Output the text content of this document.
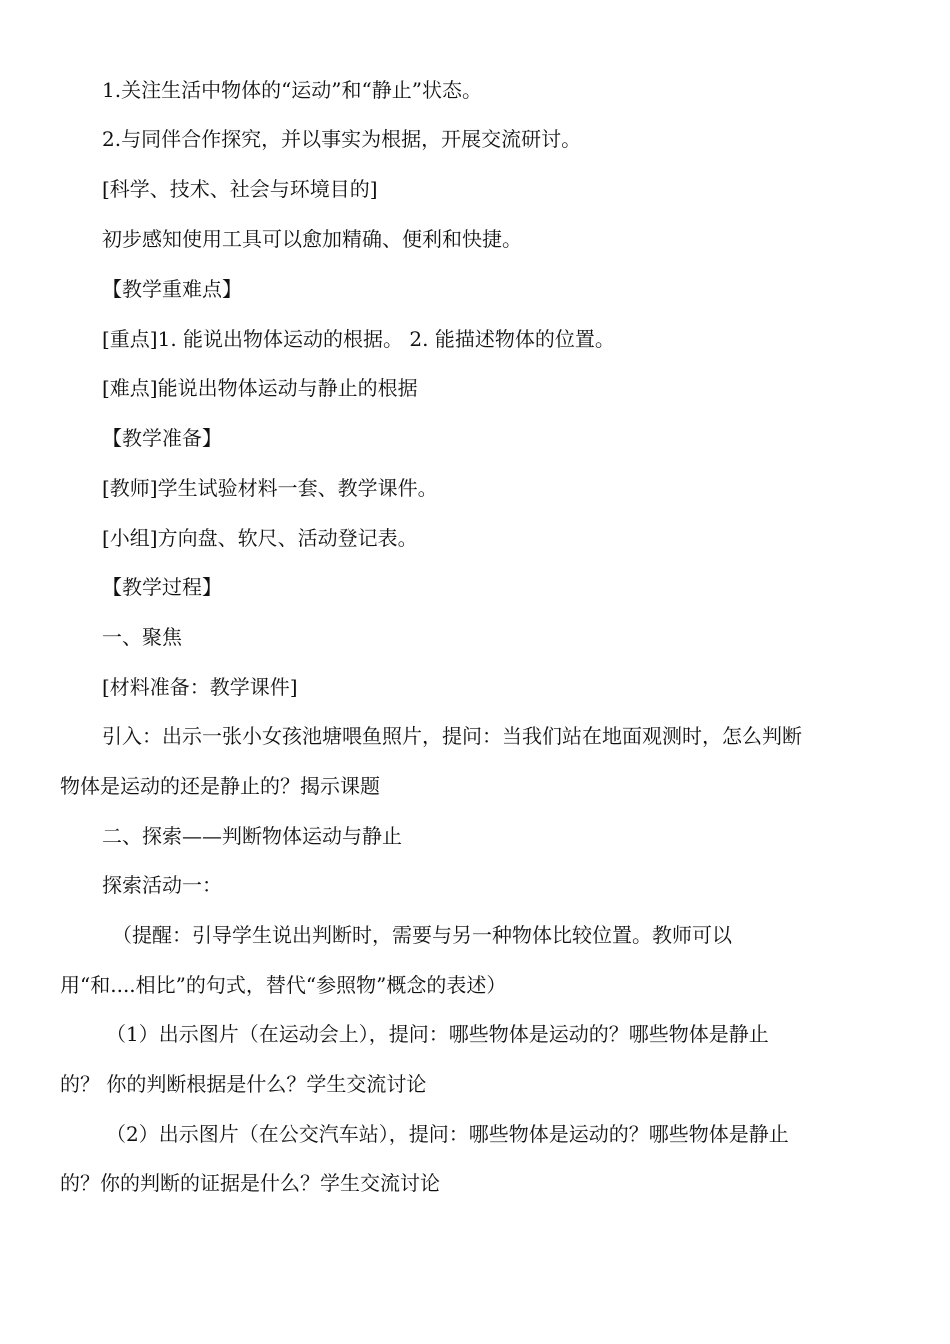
1.关注生活中物体的“运动”和“静止”状态。
2.与同伴合作探究，并以事实为根据，开展交流研讨。
[科学、技术、社会与环境目的]
初步感知使用工具可以愈加精确、便利和快捷。
【教学重难点】
[重点]1. 能说出物体运动的根据。 2. 能描述物体的位置。
[难点]能说出物体运动与静止的根据
【教学准备】
[教师]学生试验材料一套、教学课件。
[小组]方向盘、软尺、活动登记表。
【教学过程】
一、聚焦
[材料准备：教学课件]
引入：出示一张小女孩池塘喂鱼照片，提问：当我们站在地面观测时，怎么判断
物体是运动的还是静止的？揭示课题
二、探索——判断物体运动与静止
探索活动一：
（提醒：引导学生说出判断时，需要与另一种物体比较位置。教师可以
用“和....相比”的句式，替代“参照物”概念的表述）
（1）出示图片（在运动会上），提问：哪些物体是运动的？哪些物体是静止
的？ 你的判断根据是什么？学生交流讨论
（2）出示图片（在公交汽车站），提问：哪些物体是运动的？哪些物体是静止
的？你的判断的证据是什么？学生交流讨论
